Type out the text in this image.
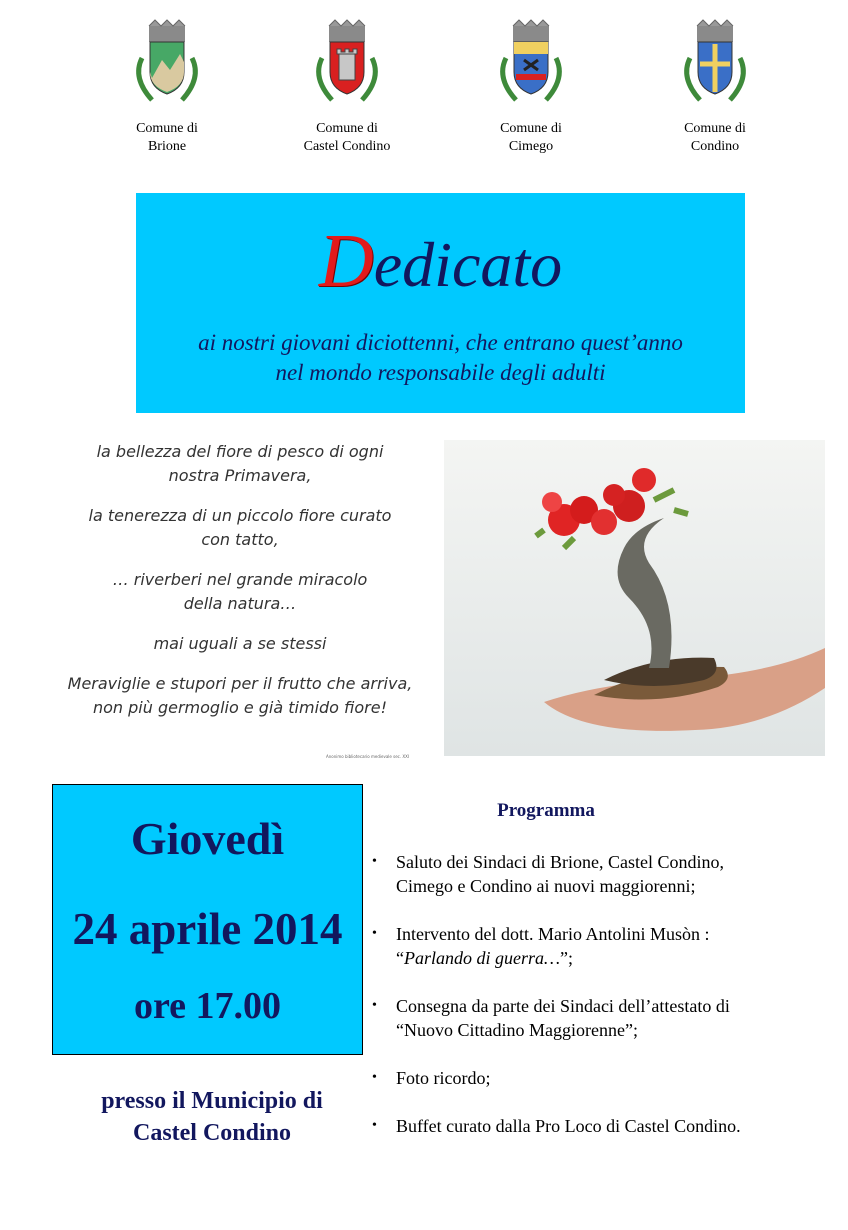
Comune di
Brione
Comune di
Castel Condino
Comune di
Cimego
Comune di
Condino
Dedicato
ai nostri giovani diciottenni, che entrano quest’anno
nel mondo responsabile degli adulti
la bellezza del fiore di pesco di ogni
nostra Primavera,
la tenerezza di un piccolo fiore curato
con tatto,
… riverberi nel grande miracolo
della natura…
mai uguali a se stessi
Meraviglie e stupori per il frutto che arriva,
non più germoglio e già timido fiore!
Anonimo bibliotecario medievale sec. XXI
Giovedì
24 aprile 2014
ore 17.00
presso il Municipio di
Castel Condino
Programma
• Saluto dei Sindaci di Brione, Castel Condino,
Cimego e Condino ai nuovi maggiorenni;
• Intervento del dott. Mario Antolini Musòn :
“Parlando di guerra…”;
• Consegna da parte dei Sindaci dell’attestato di
“Nuovo Cittadino Maggiorenne”;
• Foto ricordo;
• Buffet curato dalla Pro Loco di Castel Condino.
